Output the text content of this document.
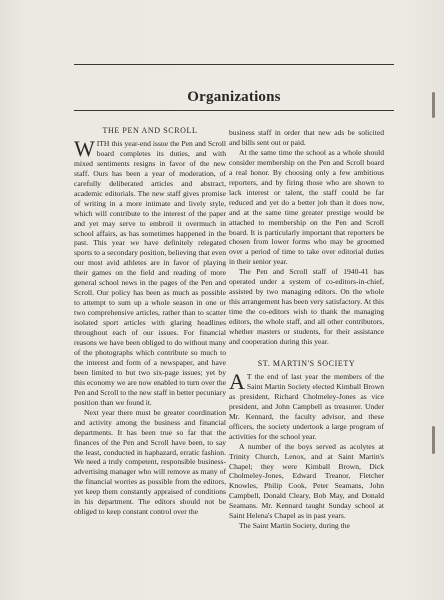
Organizations
THE PEN AND SCROLL

WITH this year-end issue the Pen and Scroll board completes its duties, and with mixed sentiments resigns in favor of the new staff. Ours has been a year of moderation, of carefully deliberated articles and abstract, academic editorials. The new staff gives promise of writing in a more intimate and lively style, which will contribute to the interest of the paper and yet may serve to embroil it overmuch in school affairs, as has sometimes happened in the past. This year we have definitely relegated sports to a secondary position, believing that even our most avid athletes are in favor of playing their games on the field and reading of more general school news in the pages of the Pen and Scroll. Our policy has been as much as possible to attempt to sum up a whole season in one or two comprehensive articles, rather than to scatter isolated sport articles with glaring headlines throughout each of our issues. For financial reasons we have been obliged to do without many of the photographs which contribute so much to the interest and form of a newspaper, and have been limited to but two six-page issues; yet by this economy we are now enabled to turn over the Pen and Scroll to the new staff in better pecuniary position than we found it.

Next year there must be greater coordination and activity among the business and financial departments. It has been true so far that the finances of the Pen and Scroll have been, to say the least, conducted in haphazard, erratic fashion. We need a truly competent, responsible business-advertising manager who will remove as many of the financial worries as possible from the editors, yet keep them constantly appraised of conditions in his department. The editors should not be obliged to keep constant control over the

business staff in order that new ads be solicited and bills sent out or paid.

At the same time the school as a whole should consider membership on the Pen and Scroll board a real honor. By choosing only a few ambitious reporters, and by firing those who are shown to lack interest or talent, the staff could be far reduced and yet do a better job than it does now, and at the same time greater prestige would be attached to membership on the Pen and Scroll board. It is particularly important that reporters be chosen from lower forms who may be groomed over a period of time to take over editorial duties in their senior year.

The Pen and Scroll staff of 1940-41 has operated under a system of co-editors-in-chief, assisted by two managing editors. On the whole this arrangement has been very satisfactory. At this time the co-editors wish to thank the managing editors, the whole staff, and all other contributors, whether masters or students, for their assistance and cooperation during this year.

ST. MARTIN'S SOCIETY

A T the end of last year the members of the Saint Martin Society elected Kimball Brown as president, Richard Cholmeley-Jones as vice president, and John Campbell as treasurer. Under Mr. Kennard, the faculty advisor, and these officers, the society undertook a large program of activities for the school year.

A number of the boys served as acolytes at Trinity Church, Lenox, and at Saint Martin's Chapel; they were Kimball Brown, Dick Cholmeley-Jones, Edward Treanor, Fletcher Knowles, Philip Cook, Peter Seamans, John Campbell, Donald Cleary, Bob May, and Donald Seamans. Mr. Kennard taught Sunday school at Saint Helena's Chapel as in past years.

The Saint Martin Society, during the
